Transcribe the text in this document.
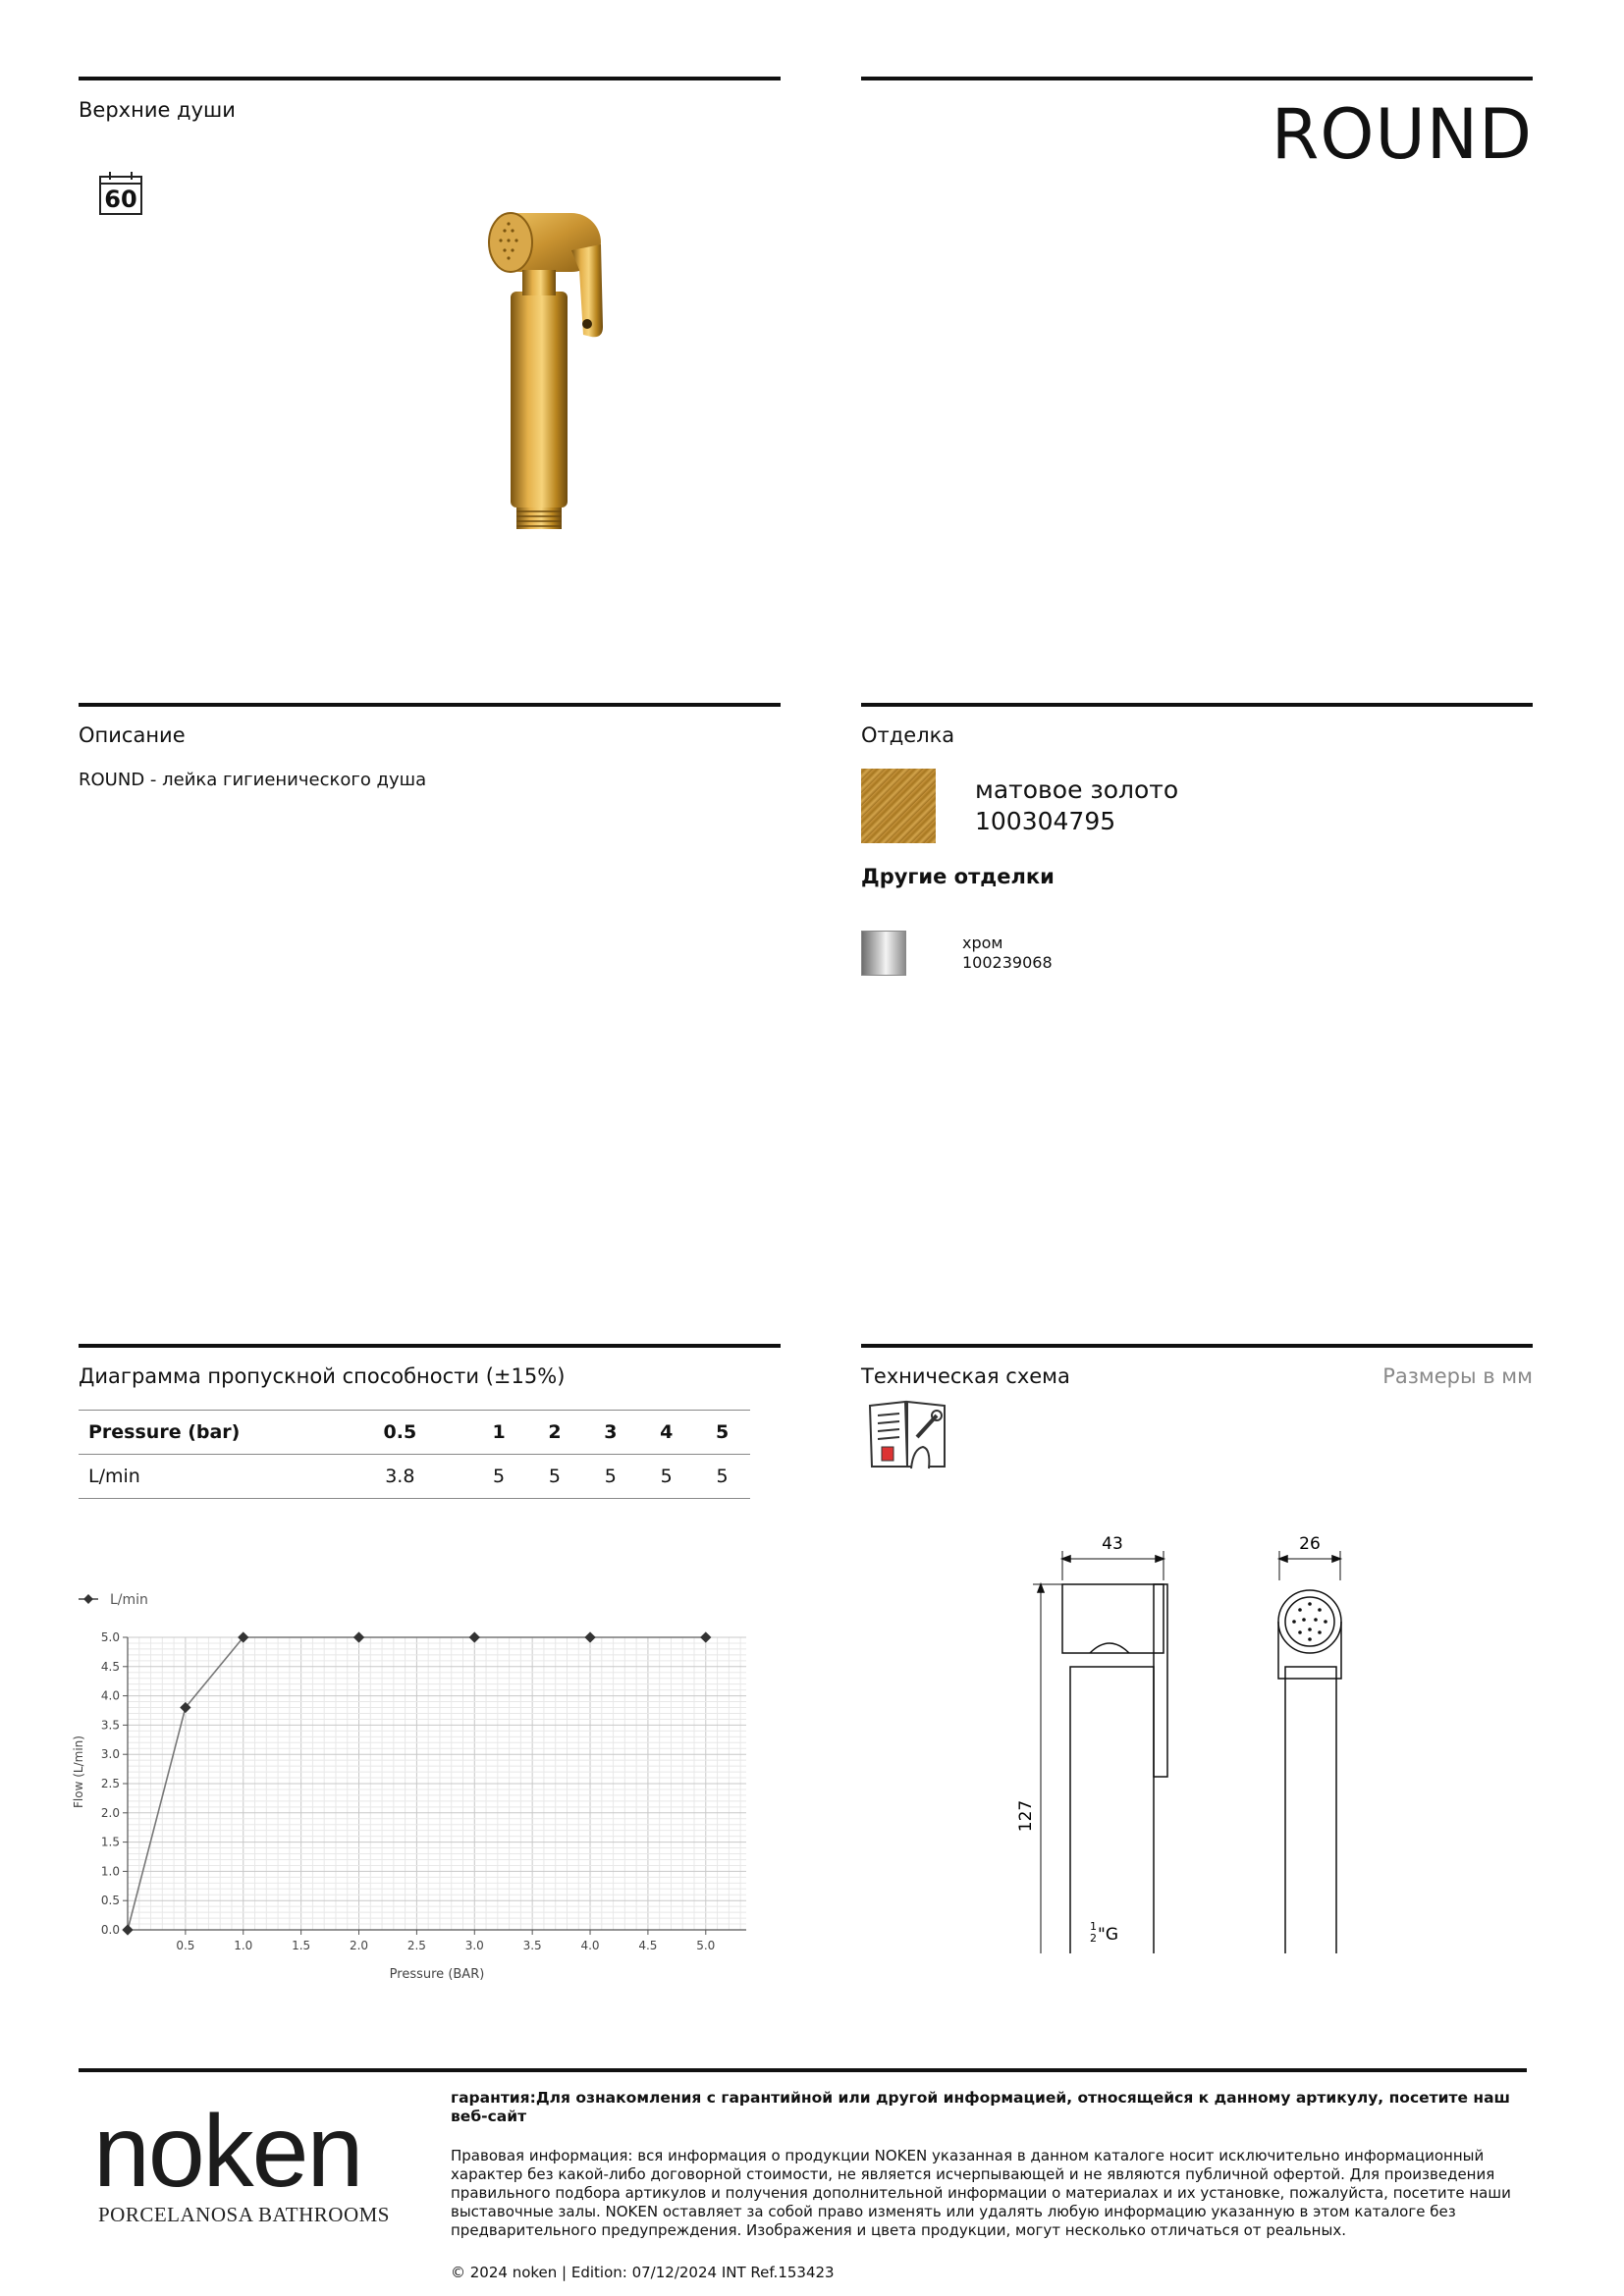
Верхние души	ROUND
60
Описание
ROUND - лейка гигиенического душа
Отделка
матовое золото
100304795
Другие отделки
хром
100239068
Диаграмма пропускной способности (±15%)
Pressure (bar)	0.5	1	2	3	4	5
L/min	3.8	5	5	5	5	5
0.5	1.0	1.5	2.0	2.5	3.0	3.5	4.0	4.5	5.0
0.0
0.5
1.0
1.5
2.0
2.5
3.0
3.5
4.0
4.5
5.0
L/min
Pressure (BAR)
Flow (L/min)
Техническая схема	Размеры в мм
43
127
1
2 "G
26
noken
PORCELANOSA BATHROOMS
гарантия:Для ознакомления с гарантийной или другой информацией, относящейся к данному артикулу, посетите наш веб-сайт
Правовая информация: вся информация о продукции NOKEN указанная в данном каталоге носит исключительно информационный характер без какой-либо договорной стоимости, не является исчерпывающей и не являются публичной офертой. Для произведения правильного подбора артикулов и получения дополнительной информации о материалах и их установке, пожалуйста, посетите наши выставочные залы. NOKEN оставляет за собой право изменять или удалять любую информацию указанную в этом каталоге без предварительного предупреждения. Изображения и цвета продукции, могут несколько отличаться от реальных.
© 2024 noken | Edition: 07/12/2024 INT Ref.153423
